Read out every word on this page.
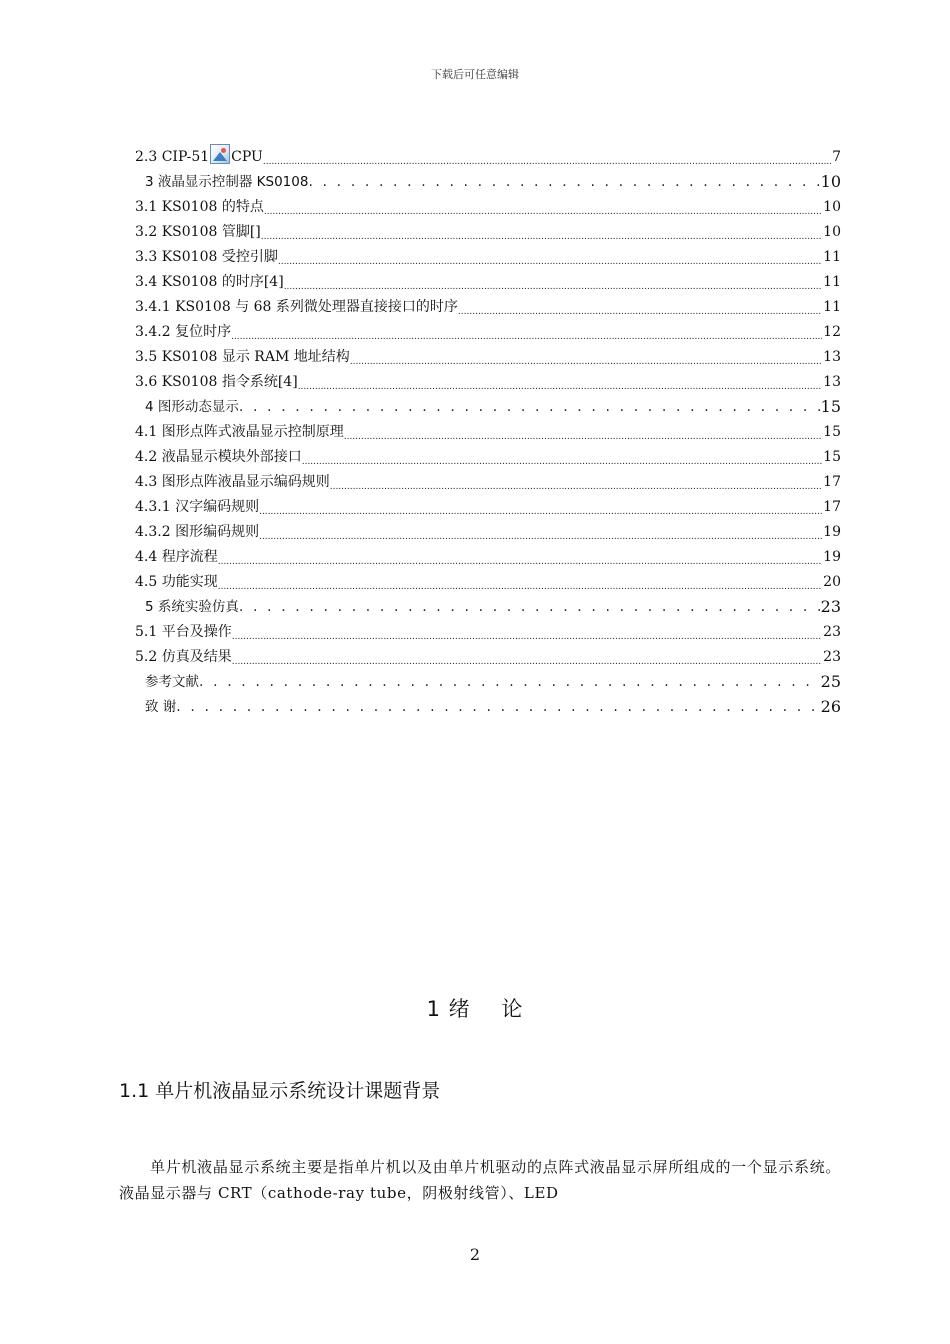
下载后可任意编辑
2.3 CIP-51 CPU .....	7
3 液晶显示控制器 KS0108 . . .	10
3.1 KS0108 的特点 .....	10
3.2 KS0108 管脚[] .....	10
3.3 KS0108 受控引脚 .....	11
3.4 KS0108 的时序[4] .....	11
3.4.1 KS0108 与 68 系列微处理器直接接口的时序 .....	11
3.4.2 复位时序 .....	12
3.5 KS0108 显示 RAM 地址结构 .....	13
3.6 KS0108 指令系统[4] .....	13
4 图形动态显示 . . .	15
4.1 图形点阵式液晶显示控制原理 .....	15
4.2 液晶显示模块外部接口 .....	15
4.3 图形点阵液晶显示编码规则 .....	17
4.3.1 汉字编码规则 .....	17
4.3.2 图形编码规则 .....	19
4.4 程序流程 .....	19
4.5 功能实现 .....	20
5 系统实验仿真 . . .	23
5.1 平台及操作 .....	23
5.2 仿真及结果 .....	23
参考文献 . . .	25
致 谢 . . .	26
1 绪    论
1.1 单片机液晶显示系统设计课题背景
单片机液晶显示系统主要是指单片机以及由单片机驱动的点阵式液晶显示屏所组成的一个显示系统。液晶显示器与 CRT（cathode-ray tube，阴极射线管）、LED
2
